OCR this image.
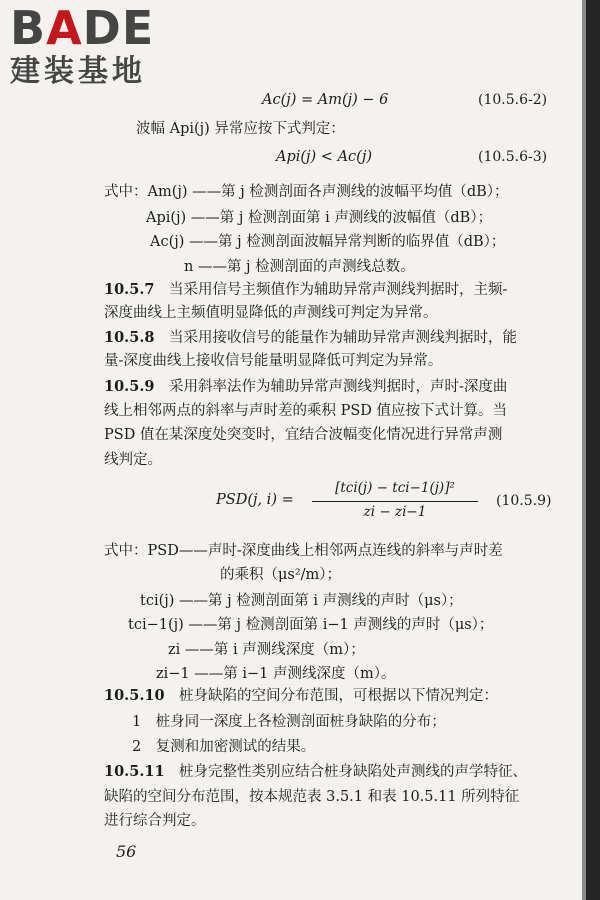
BADE
建装基地
Ac(j) = Am(j) − 6	(10.5.6-2)
波幅 Api(j) 异常应按下式判定：
Api(j) < Ac(j)	(10.5.6-3)
式中：Am(j) ——第 j 检测剖面各声测线的波幅平均值（dB）；
Api(j) ——第 j 检测剖面第 i 声测线的波幅值（dB）；
Ac(j) ——第 j 检测剖面波幅异常判断的临界值（dB）；
n ——第 j 检测剖面的声测线总数。
10.5.7　 当采用信号主频值作为辅助异常声测线判据时，主频-
深度曲线上主频值明显降低的声测线可判定为异常。
10.5.8　 当采用接收信号的能量作为辅助异常声测线判据时，能
量-深度曲线上接收信号能量明显降低可判定为异常。
10.5.9　 采用斜率法作为辅助异常声测线判据时，声时-深度曲
线上相邻两点的斜率与声时差的乘积 PSD 值应按下式计算。当
PSD 值在某深度处突变时，宜结合波幅变化情况进行异常声测
线判定。
PSD(j, i) =
[tci(j) − tci−1(j)]²
zi − zi−1
(10.5.9)
式中：PSD——声时-深度曲线上相邻两点连线的斜率与声时差
的乘积（μs²/m）；
tci(j) ——第 j 检测剖面第 i 声测线的声时（μs）；
tci−1(j) ——第 j 检测剖面第 i−1 声测线的声时（μs）；
zi ——第 i 声测线深度（m）；
zi−1 ——第 i−1 声测线深度（m）。
10.5.10　 桩身缺陷的空间分布范围，可根据以下情况判定：
1　桩身同一深度上各检测剖面桩身缺陷的分布；
2　复测和加密测试的结果。
10.5.11　 桩身完整性类别应结合桩身缺陷处声测线的声学特征、
缺陷的空间分布范围，按本规范表 3.5.1 和表 10.5.11 所列特征
进行综合判定。
56
